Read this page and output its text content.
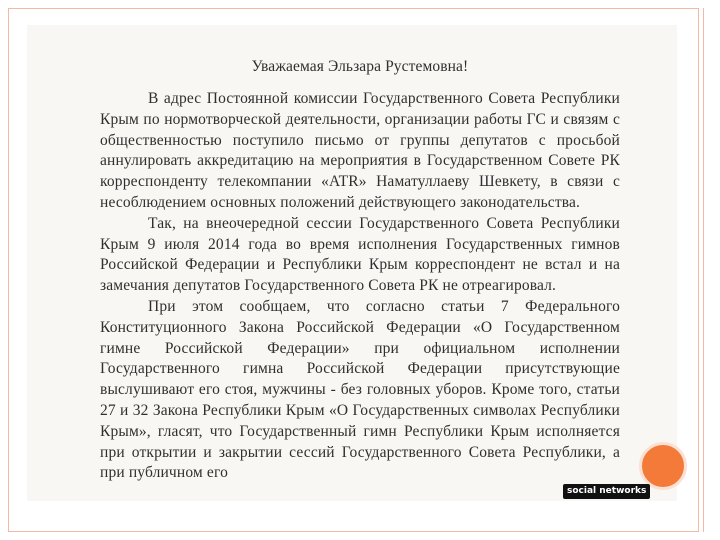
Уважаемая Эльзара Рустемовна!

В адрес Постоянной комиссии Государственного Совета Республики Крым по нормотворческой деятельности, организации работы ГС и связям с общественностью поступило письмо от группы депутатов с просьбой аннулировать аккредитацию на мероприятия в Государственном Совете РК корреспонденту телекомпании «ATR» Наматуллаеву Шевкету, в связи с несоблюдением основных положений действующего законодательства.

Так, на внеочередной сессии Государственного Совета Республики Крым 9 июля 2014 года во время исполнения Государственных гимнов Российской Федерации и Республики Крым корреспондент не встал и на замечания депутатов Государственного Совета РК не отреагировал.

При этом сообщаем, что согласно статьи 7 Федерального Конституционного Закона Российской Федерации «О Государственном гимне Российской Федерации» при официальном исполнении Государственного гимна Российской Федерации присутствующие выслушивают его стоя, мужчины - без головных уборов. Кроме того, статьи 27 и 32 Закона Республики Крым «О Государственных символах Республики Крым», гласят, что Государственный гимн Республики Крым исполняется при открытии и закрытии сессий Государственного Совета Республики, а при публичном его

social networks
